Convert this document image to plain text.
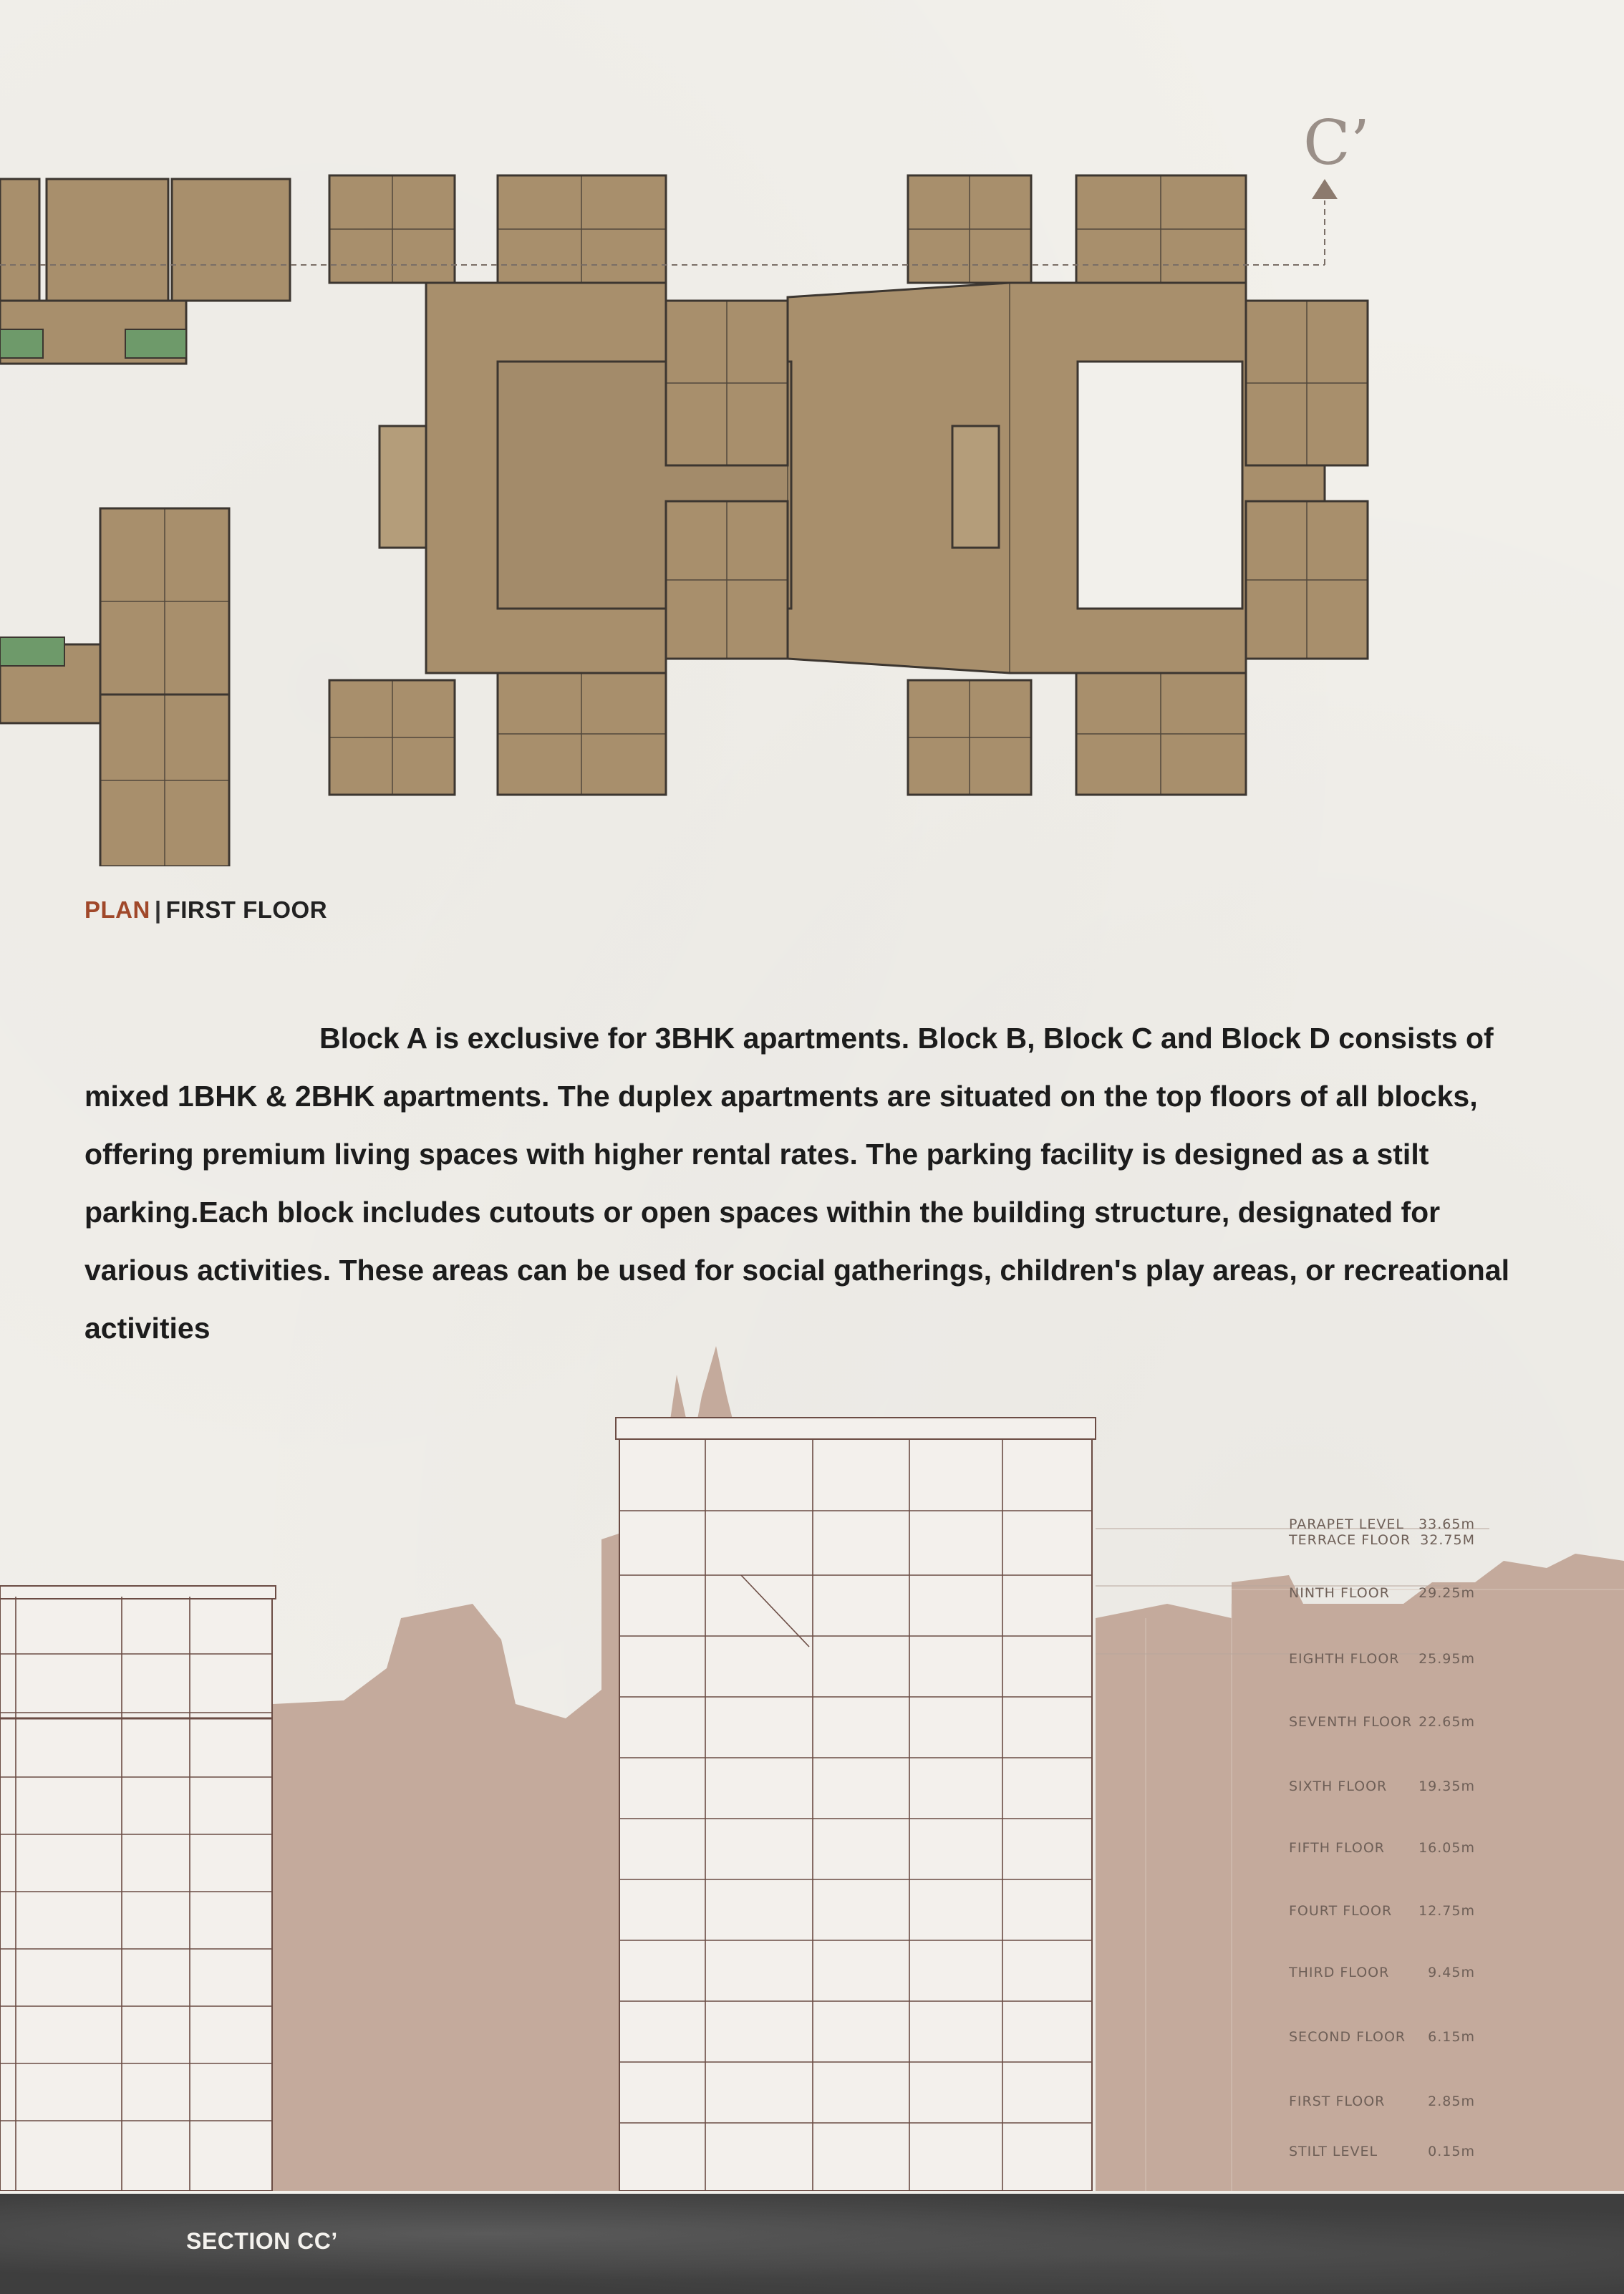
C’
PLAN | FIRST FLOOR
Block A is exclusive for 3BHK apartments. Block B, Block C and Block D consists of mixed 1BHK & 2BHK apartments. The duplex apartments are situated on the top floors of all blocks, offering premium living spaces with higher rental rates. The parking facility is designed as a stilt parking.Each block includes cutouts or open spaces within the building structure, designated for various activities. These areas can be used for social gatherings, children's play areas, or recreational activities
PARAPET LEVEL 33.65m
TERRACE FLOOR 32.75M
NINTH FLOOR 29.25m
EIGHTH FLOOR 25.95m
SEVENTH FLOOR 22.65m
SIXTH FLOOR 19.35m
FIFTH FLOOR 16.05m
FOURT FLOOR 12.75m
THIRD FLOOR	9.45m
SECOND FLOOR 6.15m
FIRST FLOOR	2.85m
STILT LEVEL	0.15m
SECTION CC’
